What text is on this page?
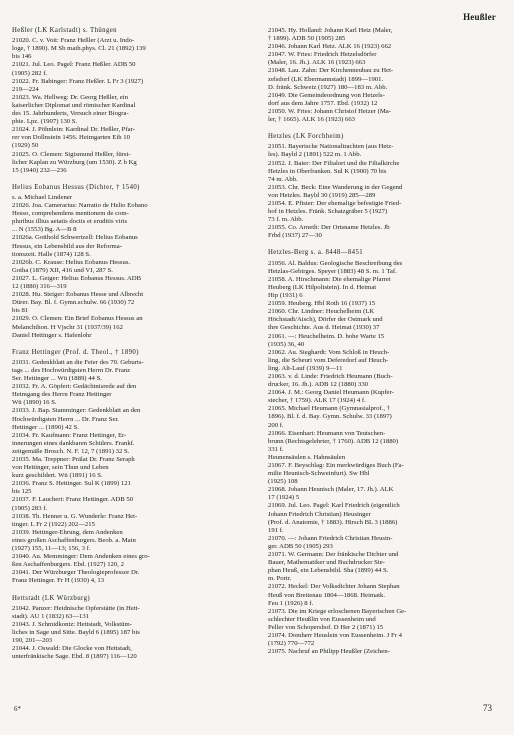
Heußler
Heßler (LK Karlstadt) s. Thüngen
21020. C. v. Voit: Franz Heßler (Arzt u. Indo-
loge, † 1890). M Sb math.phys. Cl. 21 (1892) 139
bis 146
21021. Jul. Leo. Pagel: Franz Heßler. ADB 50
(1905) 282 f.
21022. Fr. Babinger: Franz Heßler. L Fr 3 (1927)
219—224
21023. Wa. Hellweg: Dr. Georg Heßler, ein
kaiserlicher Diplomat und römischer Kardinal
des 15. Jahrhunderts, Versuch einer Biogra-
phie. Lpz. (1907) 130 S.
21024. J. Pöhnlein: Kardinal Dr. Heßler, Pfar-
rer von Dollnstein 1456. Heimgarten Eih 10
(1929) 50
21025. O. Clemen: Sigismund Heßler, fürst-
licher Kaplan zu Würzburg (um 1530). Z b Kg
15 (1940) 232—236
Helius Eobanus Hessus (Dichter, † 1540)
s. a. Michael Lindener
21026. Joa. Camerarius: Narratio de Helio Eobano
Hesso, comprehendens mentionem de com-
pluribus illius aetatis doctis et eruditis viris
... N (1553) Bg. A—B 8
21026a. Gotthold Schwertzell: Helius Eobanus
Hessus, ein Lebensbild aus der Reforma-
tionszeit. Halle (1874) 128 S.
21026b. C. Krause: Helius Eobanus Hessus.
Gotha (1879) XII, 416 und VI, 287 S.
21027. L. Geiger: Helius Eobanus Hessus. ADB
12 (1880) 316—319
21028. Hu. Steiger: Eobanus Hesse und Albrecht
Dürer. Bay. Bl. f. Gymn.schulw. 66 (1930) 72
bis 81
21029. O. Clemen: Ein Brief Eobanus Hessus an
Melanchthon. H Vjschr 31 (1937/39) 162
Daniel Hettinger s. Hafenlohr
Franz Hettinger (Prof. d. Theol., † 1890)
21031. Gedenkblatt an die Feier des 70. Geburts-
tags ... des Hochwürdigsten Herrn Dr. Franz
Ser. Hettinger ... Wü (1889) 44 S.
21032. Fr. A. Göpfert: Gedächtnisrede auf den
Heimgang des Herrn Franz Hettinger
Wü (1890) 16 S.
21033. J. Bap. Stamminger: Gedenkblatt an den
Hochwürdigsten Herrn ... Dr. Franz Ser.
Hettinger ... (1890) 42 S.
21034. Fr. Kaufmann: Franz Hettinger, Er-
innerungen eines dankbaren Schülers. Frankf.
zeitgemäße Brosch. N. F. 12, 7 (1891) 32 S.
21035. Ma. Treppner: Prälat Dr. Franz Seraph
von Hettinger, sein Thun und Leben
kurz geschildert. Wü (1891) 16 S.
21036. Franz S. Hettinger. Sul K (1899) 121
bis 125
21037. F. Lauchert: Franz Hettinger. ADB 50
(1905) 283 f.
21038. Th. Henner u. G. Wunderle: Franz Het-
tinger. L Fr 2 (1922) 202—215
21039. Hettinger-Ehrung, dem Andenken
eines großen Aschaffenburgers. Beob. a. Main
(1927) 155, 11—13; 156, 3 f.
21040. Au. Memminger: Dem Andenken eines gro-
ßen Aschaffenburgers. Ebd. (1927) 120, 2
21041. Der Würzburger Theologieprofessor Dr.
Franz Hettinger. Fr H (1930) 4, 13
Hettstadt (LK Würzburg)
21042. Panzer: Heidnische Opferstätte (in Hett-
stadt). AU 1 (1832) 63—131
21043. J. Schmidkontz: Hettstadt, Volkstüm-
liches in Sage und Sitte. Bayld 6 (1895) 187 bis
190, 201—203
21044. J. Oswald: Die Glocke von Hettstadt,
unterfränkische Sage. Ebd. 8 (1897) 116—120
21045. Hy. Holland: Johann Karl Hetz (Maler,
† 1899). ADB 50 (1905) 285
21046. Johann Karl Hetz. ALK 16 (1923) 662
21047. W. Fries: Friedrich Hetzelsdörfer
(Maler, 16. Jh.). ALK 16 (1923) 663
21048. Lau. Zahn: Der Kirchenneubau zu Het-
zelsdorf (LK Ebermannstadt) 1899—1901.
D. fränk. Schweiz (1927) 180—183 m. Abb.
21049. Die Gemeindeordnung von Hetzels-
dorf aus dem Jahre 1757. Ebd. (1932) 12
21050. W. Fries: Johann Christof Hetzer (Ma-
ler, † 1665). ALK 16 (1923) 663
Hetzles (LK Forchheim)
21051. Bayerische Nationaltrachten (aus Hetz-
les). Bayld 2 (1891) 522 m. 1 Abb.
21052. J. Baier: Der Filialort und die Filialkirche
Hetzles in Oberfranken. Sul K (1900) 70 bis
74 m. Abb.
21053. Chr. Beck: Eine Wanderung in der Gegend
von Hetzles. Bayld 30 (1919) 285—289
21054. E. Pfister: Der ehemalige befestigte Fried-
hof in Hetzles. Fränk. Schatzgräber 5 (1927)
73 f. m. Abb.
21055. Co. Arneth: Der Ortsname Hetzles. Jb
Frbd (1937) 27—30
Hetzles-Berg s. a. 8448—8451
21056. Al. Baldus: Geologische Beschreibung des
Hetzlas-Gebirges. Speyer (1883) 48 S. m. 1 Taf.
21058. A. Hirschmann: Die ehemalige Pfarrei
Heuberg (LK Hilpoltstein). In d. Heimat
Hip (1931) 6
21059. Heuberg. Hbl Roth 16 (1937) 15
21060. Chr. Lindner: Heuchelheim (LK
Höchstadt/Aisch), Dörfer der Ostmark und
ihre Geschichte. Aus d. Heimat (1930) 37
21061. —: Heuchelheim. D. hohe Warte 15
(1935) 36, 40
21062. Au. Sieghardt: Vom Schloß in Heuch-
ling, die Scheuri vom Deferedorf auf Heuch-
ling. Alt-Lauf (1939) 9—11
21063. v. d. Linde: Friedrich Heumann (Buch-
drucker, 16. Jh.). ADB 12 (1880) 330
21064. J. M.: Georg Daniel Heumann (Kupfer-
stecher, † 1759). ALK 17 (1924) 4 f.
21065. Michael Heumann (Gymnasialprof., †
1896). Bl. f. d. Bay. Gymn. Schulw. 33 (1897)
200 f.
21066. Eisenhart: Heumann von Teutschen-
brunn (Rechtsgelehrter, † 1760). ADB 12 (1880)
331 f.
Heunensäulen s. Hahnsäulen
21067. F. Beyschlag: Ein merkwürdiges Buch (Fa-
milie Heunisch-Schweinfurt). Sw Hbl
(1925) 108
21068. Johann Heunisch (Maler, 17. Jh.). ALK
17 (1924) 5
21069. Jul. Leo. Pagel: Karl Friedrich (eigentlich
Johann Friedrich Christian) Heusinger
(Prof. d. Anatomie, † 1883). Hirsch BL 3 (1886)
191 f.
21070. —: Johann Friedrich Christian Heusin-
ger. ADB 50 (1905) 293
21071. W. Germann: Der fränkische Dichter und
Bauer, Mathematiker und Buchdrucker Ste-
phan Heuß, ein Lebensbild. Sha (1899) 44 S.
m. Portr.
21072. Heckel: Der Volksdichter Johann Stephan
Heuß von Breitenau 1804—1868. Heimatk.
Feu 1 (1926) 8 f.
21073. Die im Kriege erloschenen Bayerischen Ge-
schlechter Heußlin von Eussenheim und
Peller von Schopershof. D Her 2 (1871) 15
21074. Domherr Heuslein von Eussenheim. J Fr 4
(1792) 770—772
21075. Nachruf an Philipp Heußler (Zeichen-
6*	73
